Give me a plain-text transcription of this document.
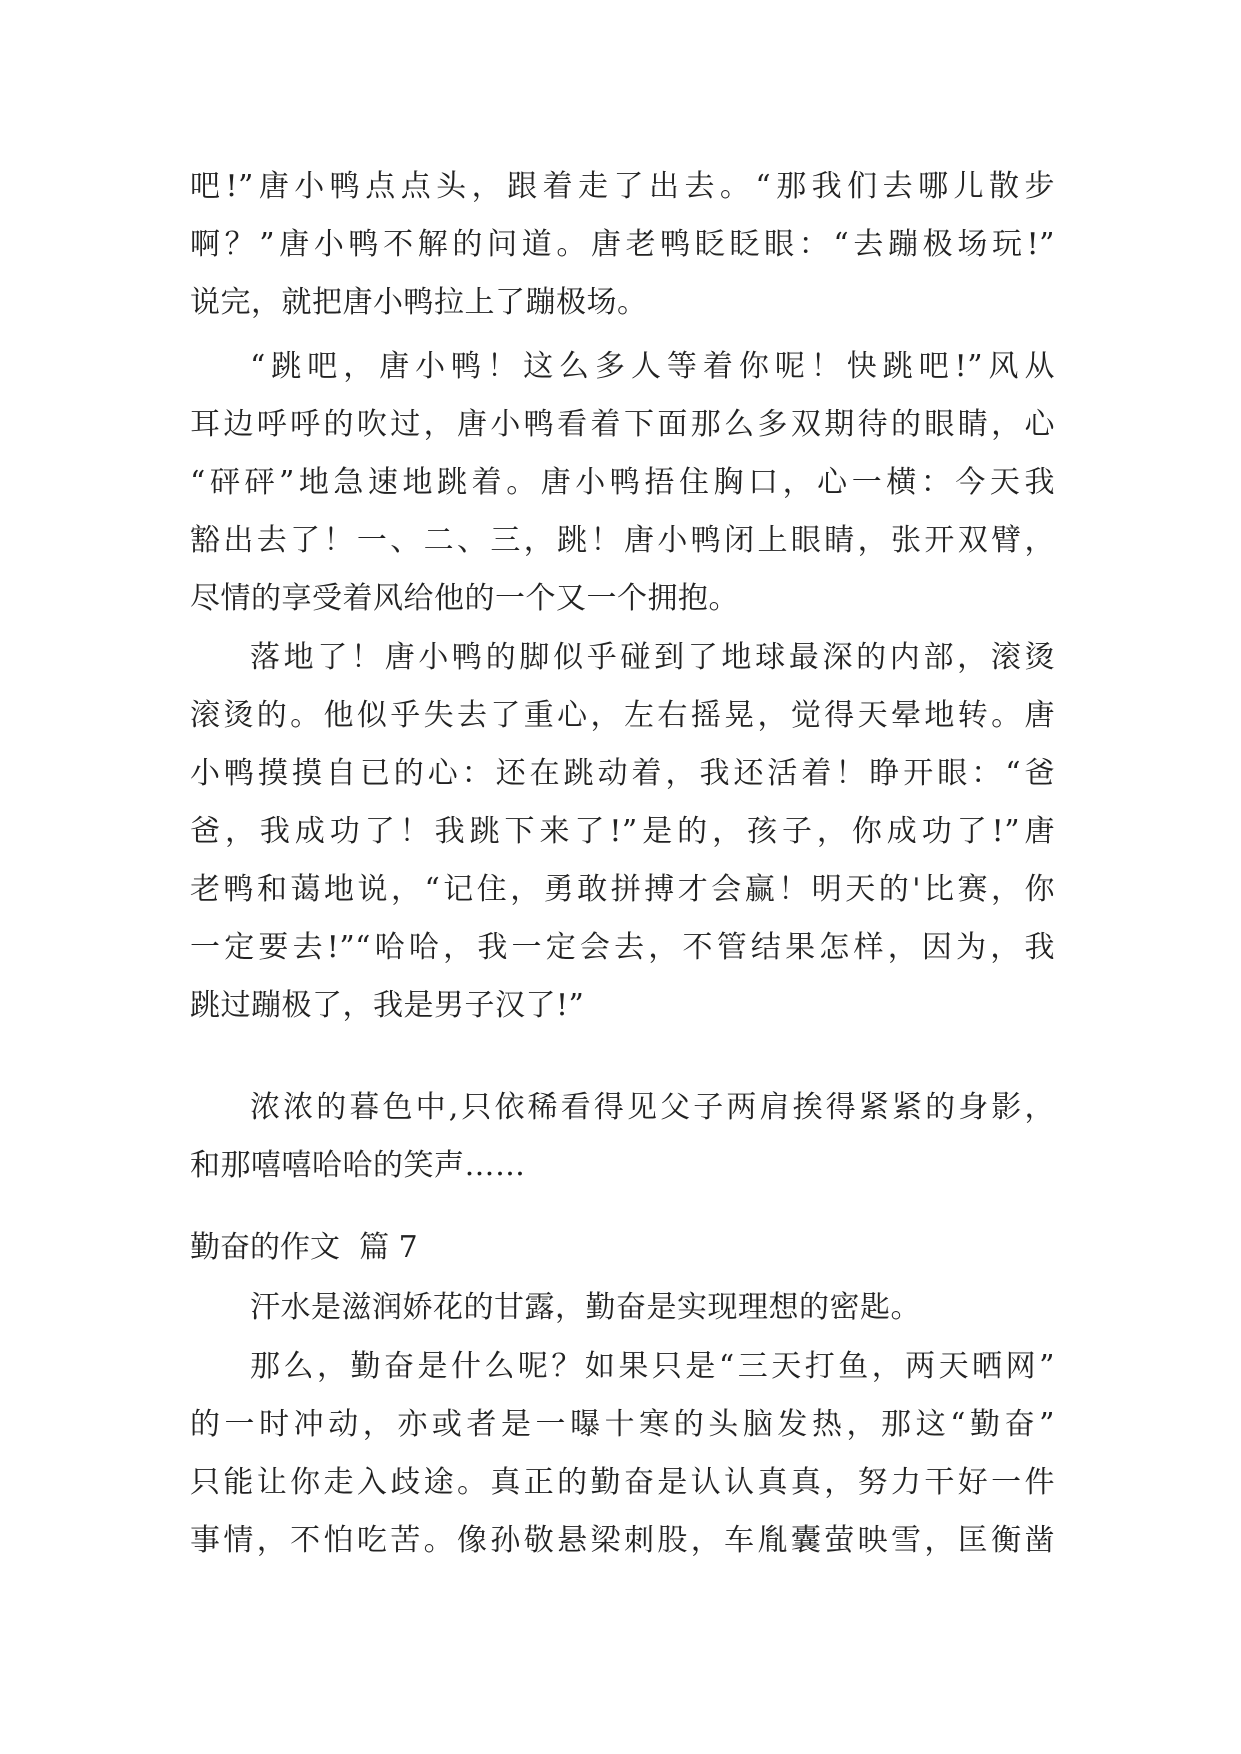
吧!”唐小鸭点点头，跟着走了出去。“那我们去哪儿散步
啊？”唐小鸭不解的问道。唐老鸭眨眨眼：“去蹦极场玩!”
说完，就把唐小鸭拉上了蹦极场。
“跳吧，唐小鸭！这么多人等着你呢！快跳吧!”风从
耳边呼呼的吹过，唐小鸭看着下面那么多双期待的眼睛，心
“砰砰”地急速地跳着。唐小鸭捂住胸口，心一横：今天我
豁出去了！一、二、三，跳！唐小鸭闭上眼睛，张开双臂，
尽情的享受着风给他的一个又一个拥抱。
落地了！唐小鸭的脚似乎碰到了地球最深的内部，滚烫
滚烫的。他似乎失去了重心，左右摇晃，觉得天晕地转。唐
小鸭摸摸自已的心：还在跳动着，我还活着！睁开眼：“爸
爸，我成功了！我跳下来了!”是的，孩子，你成功了!”唐
老鸭和蔼地说，“记住，勇敢拼搏才会赢！明天的'比赛，你
一定要去!”“哈哈，我一定会去，不管结果怎样，因为，我
跳过蹦极了，我是男子汉了!”
浓浓的暮色中,只依稀看得见父子两肩挨得紧紧的身影，
和那嘻嘻哈哈的笑声……
勤奋的作文  篇 7
汗水是滋润娇花的甘露，勤奋是实现理想的密匙。
那么，勤奋是什么呢？如果只是“三天打鱼，两天晒网”
的一时冲动，亦或者是一曝十寒的头脑发热，那这“勤奋”
只能让你走入歧途。真正的勤奋是认认真真，努力干好一件
事情，不怕吃苦。像孙敬悬梁刺股，车胤囊萤映雪，匡衡凿
